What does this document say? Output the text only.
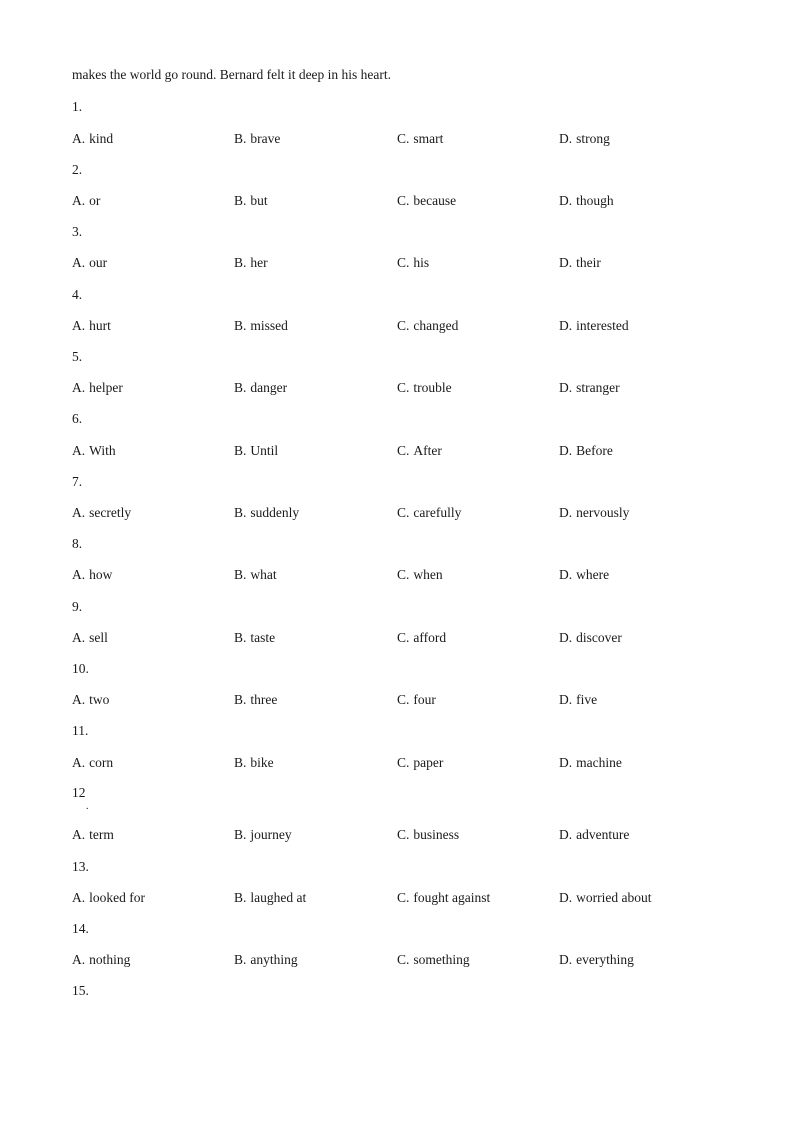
makes the world go round. Bernard felt it deep in his heart.
1.
A. kind	B. brave	C. smart	D. strong
2.
A. or	B. but	C. because	D. though
3.
A. our	B. her	C. his	D. their
4.
A. hurt	B. missed	C. changed	D. interested
5.
A. helper	B. danger	C. trouble	D. stranger
6.
A. With	B. Until	C. After	D. Before
7.
A. secretly	B. suddenly	C. carefully	D. nervously
8.
A. how	B. what	C. when	D. where
9.
A. sell	B. taste	C. afford	D. discover
10.
A. two	B. three	C. four	D. five
11.
A. corn	B. bike	C. paper	D. machine
12
.
A. term	B. journey	C. business	D. adventure
13.
A. looked for	B. laughed at	C. fought against	D. worried about
14.
A. nothing	B. anything	C. something	D. everything
15.
